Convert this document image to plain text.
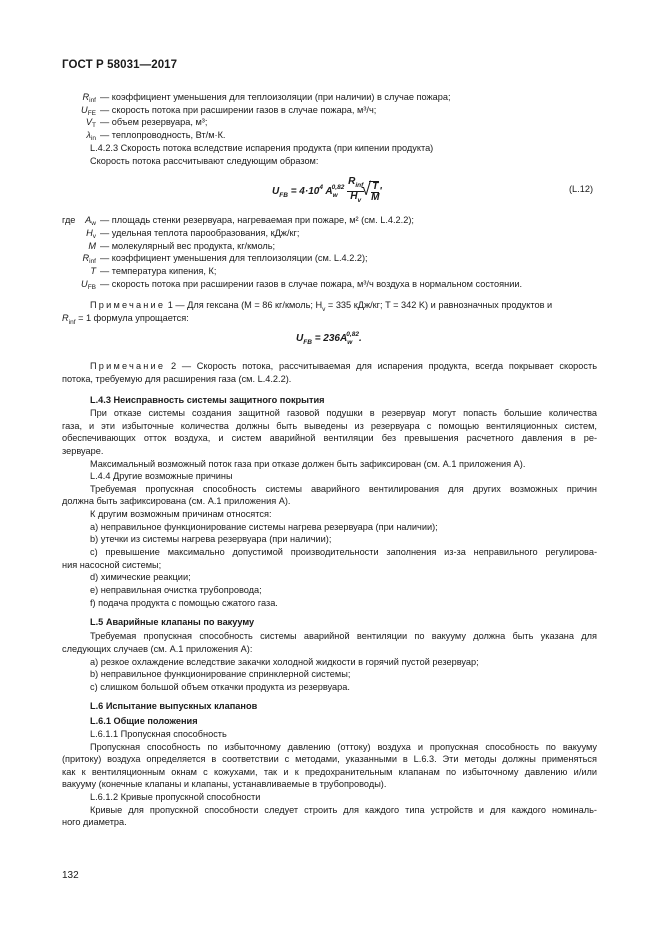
ГОСТ Р 58031—2017
$R_{inf}$ — коэффициент уменьшения для теплоизоляции (при наличии) в случае пожара;
$U_{FE}$ — скорость потока при расширении газов в случае пожара, м³/ч;
$V_T$ — объем резервуара, м³;
$\lambda_{in}$ — теплопроводность, Вт/м·К.
L.4.2.3 Скорость потока вследствие испарения продукта (при кипении продукта)
Скорость потока рассчитывают следующим образом:
$U_{FB} = 4\cdot 10^4$ $A_w^{0,82} \frac{R_{inf}}{H_v}$

√ $\frac{T}{M}$ '	(L.12)
где	$A_w$ — площадь стенки резервуара, нагреваемая при пожаре, м² (см. L.4.2.2);
$H_v$ — удельная теплота парообразования, кДж/кг;
M — молекулярный вес продукта, кг/кмоль;
$R_{inf}$ — коэффициент уменьшения для теплоизоляции (см. L.4.2.2);
T — температура кипения, К;
$U_{FB}$ — скорость потока при расширении газов в случае пожара, м³/ч воздуха в нормальном состоянии.
Примечание 1 — Для гексана (M = 86 кг/кмоль; $H_v = 335$ кДж/кг; T = 342 K) и равнозначных продуктов и
$R_{inf} = 1$ формула упрощается:
$U_{FB} = 236A_w^{0,82}$.
Примечание 2 — Скорость потока, рассчитываемая для испарения продукта, всегда покрывает скорость
потока, требуемую для расширения газа (см. L.4.2.2).
L.4.3 Неисправность системы защитного покрытия
При отказе системы создания защитной газовой подушки в резервуар могут попасть большие количества
газа, и эти избыточные количества должны быть выведены из резервуара с помощью вентиляционных систем,
обеспечивающих отток воздуха, и систем аварийной вентиляции без превышения расчетного давления в ре-
зервуаре.
Максимальный возможный поток газа при отказе должен быть зафиксирован (см. А.1 приложения А).
L.4.4 Другие возможные причины
Требуемая пропускная способность системы аварийного вентилирования для других возможных причин
должна быть зафиксирована (см. А.1 приложения А).
К другим возможным причинам относятся:
a) неправильное функционирование системы нагрева резервуара (при наличии);
b) утечки из системы нагрева резервуара (при наличии);
c) превышение максимально допустимой производительности заполнения из-за неправильного регулирова-
ния насосной системы;
d) химические реакции;
e) неправильная очистка трубопровода;
f) подача продукта с помощью сжатого газа.
L.5 Аварийные клапаны по вакууму
Требуемая пропускная способность системы аварийной вентиляции по вакууму должна быть указана для
следующих случаев (см. А.1 приложения А):
a) резкое охлаждение вследствие закачки холодной жидкости в горячий пустой резервуар;
b) неправильное функционирование спринклерной системы;
c) слишком большой объем откачки продукта из резервуара.
L.6 Испытание выпускных клапанов
L.6.1 Общие положения
L.6.1.1 Пропускная способность
Пропускная способность по избыточному давлению (оттоку) воздуха и пропускная способность по вакууму
(притоку) воздуха определяется в соответствии с методами, указанными в L.6.3. Эти методы должны применяться
как к вентиляционным окнам с кожухами, так и к предохранительным клапанам по избыточному давлению и/или
вакууму (конечные клапаны и клапаны, устанавливаемые в трубопроводы).
L.6.1.2 Кривые пропускной способности
Кривые для пропускной способности следует строить для каждого типа устройств и для каждого номиналь-
ного диаметра.
132
